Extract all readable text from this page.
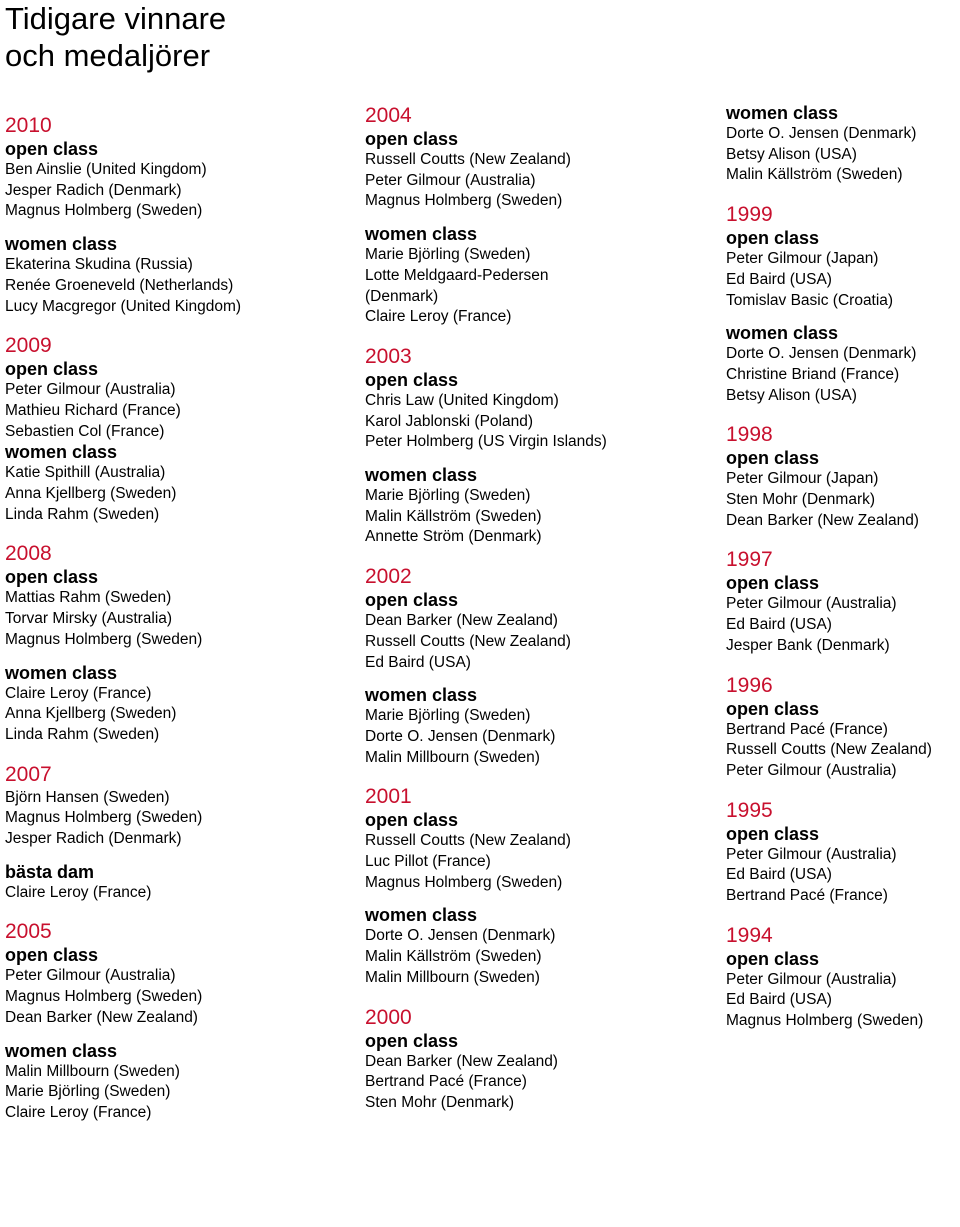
Tidigare vinnare
och medaljörer
2010
open class
Ben Ainslie (United Kingdom)
Jesper Radich (Denmark)
Magnus Holmberg (Sweden)
women class
Ekaterina Skudina (Russia)
Renée Groeneveld (Netherlands)
Lucy Macgregor (United Kingdom)
2009
open class
Peter Gilmour (Australia)
Mathieu Richard (France)
Sebastien Col (France)
women class
Katie Spithill (Australia)
Anna Kjellberg (Sweden)
Linda Rahm (Sweden)
2008
open class
Mattias Rahm (Sweden)
Torvar Mirsky (Australia)
Magnus Holmberg (Sweden)
women class
Claire Leroy (France)
Anna Kjellberg (Sweden)
Linda Rahm (Sweden)
2007
Björn Hansen (Sweden)
Magnus Holmberg (Sweden)
Jesper Radich (Denmark)
bästa dam
Claire Leroy (France)
2005
open class
Peter Gilmour (Australia)
Magnus Holmberg (Sweden)
Dean Barker (New Zealand)
women class
Malin Millbourn (Sweden)
Marie Björling (Sweden)
Claire Leroy (France)
2004
open class
Russell Coutts (New Zealand)
Peter Gilmour (Australia)
Magnus Holmberg (Sweden)
women class
Marie Björling (Sweden)
Lotte Meldgaard-Pedersen (Denmark)
Claire Leroy (France)
2003
open class
Chris Law (United Kingdom)
Karol Jablonski (Poland)
Peter Holmberg (US Virgin Islands)
women class
Marie Björling (Sweden)
Malin Källström (Sweden)
Annette Ström (Denmark)
2002
open class
Dean Barker (New Zealand)
Russell Coutts (New Zealand)
Ed Baird (USA)
women class
Marie Björling (Sweden)
Dorte O. Jensen (Denmark)
Malin Millbourn (Sweden)
2001
open class
Russell Coutts (New Zealand)
Luc Pillot (France)
Magnus Holmberg (Sweden)
women class
Dorte O. Jensen (Denmark)
Malin Källström (Sweden)
Malin Millbourn (Sweden)
2000
open class
Dean Barker (New Zealand)
Bertrand Pacé (France)
Sten Mohr (Denmark)
women class
Dorte O. Jensen (Denmark)
Betsy Alison (USA)
Malin Källström (Sweden)
1999
open class
Peter Gilmour (Japan)
Ed Baird (USA)
Tomislav Basic (Croatia)
women class
Dorte O. Jensen (Denmark)
Christine Briand (France)
Betsy Alison (USA)
1998
open class
Peter Gilmour (Japan)
Sten Mohr (Denmark)
Dean Barker (New Zealand)
1997
open class
Peter Gilmour (Australia)
Ed Baird (USA)
Jesper Bank (Denmark)
1996
open class
Bertrand Pacé (France)
Russell Coutts (New Zealand)
Peter Gilmour (Australia)
1995
open class
Peter Gilmour (Australia)
Ed Baird (USA)
Bertrand Pacé (France)
1994
open class
Peter Gilmour (Australia)
Ed Baird (USA)
Magnus Holmberg (Sweden)
